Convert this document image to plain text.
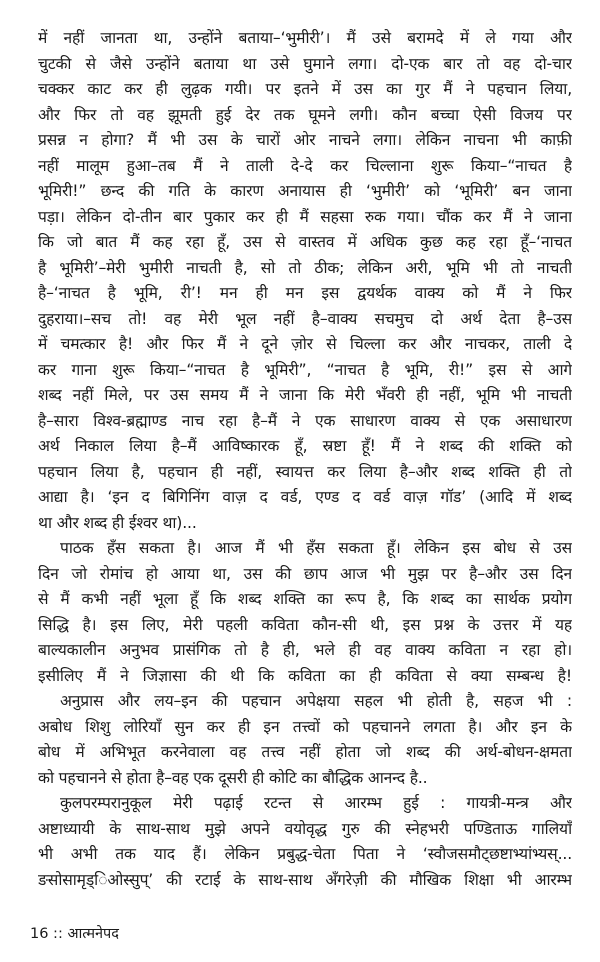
में नहीं जानता था, उन्होंने बताया–‘भुमीरी’। मैं उसे बरामदे में ले गया और
चुटकी से जैसे उन्होंने बताया था उसे घुमाने लगा। दो-एक बार तो वह दो-चार
चक्कर काट कर ही लुढ़क गयी। पर इतने में उस का गुर मैं ने पहचान लिया,
और फिर तो वह झूमती हुई देर तक घूमने लगी। कौन बच्चा ऐसी विजय पर
प्रसन्न न होगा? मैं भी उस के चारों ओर नाचने लगा। लेकिन नाचना भी काफ़ी
नहीं मालूम हुआ–तब मैं ने ताली दे-दे कर चिल्लाना शुरू किया–“नाचत है
भूमिरी!” छन्द की गति के कारण अनायास ही ‘भुमीरी’ को ‘भूमिरी’ बन जाना
पड़ा। लेकिन दो-तीन बार पुकार कर ही मैं सहसा रुक गया। चौंक कर मैं ने जाना
कि जो बात मैं कह रहा हूँ, उस से वास्तव में अधिक कुछ कह रहा हूँ–‘नाचत
है भूमिरी’–मेरी भुमीरी नाचती है, सो तो ठीक; लेकिन अरी, भूमि भी तो नाचती
है–‘नाचत है भूमि, री’! मन ही मन इस द्वयर्थक वाक्य को मैं ने फिर
दुहराया।–सच तो! वह मेरी भूल नहीं है–वाक्य सचमुच दो अर्थ देता है–उस
में चमत्कार है! और फिर मैं ने दूने ज़ोर से चिल्ला कर और नाचकर, ताली दे
कर गाना शुरू किया–“नाचत है भूमिरी”, “नाचत है भूमि, री!” इस से आगे
शब्द नहीं मिले, पर उस समय मैं ने जाना कि मेरी भँवरी ही नहीं, भूमि भी नाचती
है–सारा विश्व-ब्रह्माण्ड नाच रहा है–मैं ने एक साधारण वाक्य से एक असाधारण
अर्थ निकाल लिया है–मैं आविष्कारक हूँ, स्रष्टा हूँ! मैं ने शब्द की शक्ति को
पहचान लिया है, पहचान ही नहीं, स्वायत्त कर लिया है–और शब्द शक्ति ही तो
आद्या है। ‘इन द बिगिनिंग वाज़ द वर्ड, एण्ड द वर्ड वाज़ गॉड’ (आदि में शब्द
था और शब्द ही ईश्वर था)...
पाठक हँस सकता है। आज मैं भी हँस सकता हूँ। लेकिन इस बोध से उस
दिन जो रोमांच हो आया था, उस की छाप आज भी मुझ पर है–और उस दिन
से मैं कभी नहीं भूला हूँ कि शब्द शक्ति का रूप है, कि शब्द का सार्थक प्रयोग
सिद्धि है। इस लिए, मेरी पहली कविता कौन-सी थी, इस प्रश्न के उत्तर में यह
बाल्यकालीन अनुभव प्रासंगिक तो है ही, भले ही वह वाक्य कविता न रहा हो।
इसीलिए मैं ने जिज्ञासा की थी कि कविता का ही कविता से क्या सम्बन्ध है!
अनुप्रास और लय–इन की पहचान अपेक्षया सहल भी होती है, सहज भी :
अबोध शिशु लोरियाँ सुन कर ही इन तत्त्वों को पहचानने लगता है। और इन के
बोध में अभिभूत करनेवाला वह तत्त्व नहीं होता जो शब्द की अर्थ-बोधन-क्षमता
को पहचानने से होता है–वह एक दूसरी ही कोटि का बौद्धिक आनन्द है..
कुलपरम्परानुकूल मेरी पढ़ाई रटन्त से आरम्भ हुई : गायत्री-मन्त्र और
अष्टाध्यायी के साथ-साथ मुझे अपने वयोवृद्ध गुरु की स्नेहभरी पण्डिताऊ गालियाँ
भी अभी तक याद हैं। लेकिन प्रबुद्ध-चेता पिता ने ‘स्वौजसमौट्छष्टाभ्यांभ्यस्...
ङसोसामृड्िओस्सुप्’ की रटाई के साथ-साथ अँगरेज़ी की मौखिक शिक्षा भी आरम्भ
16 :: आत्मनेपद
